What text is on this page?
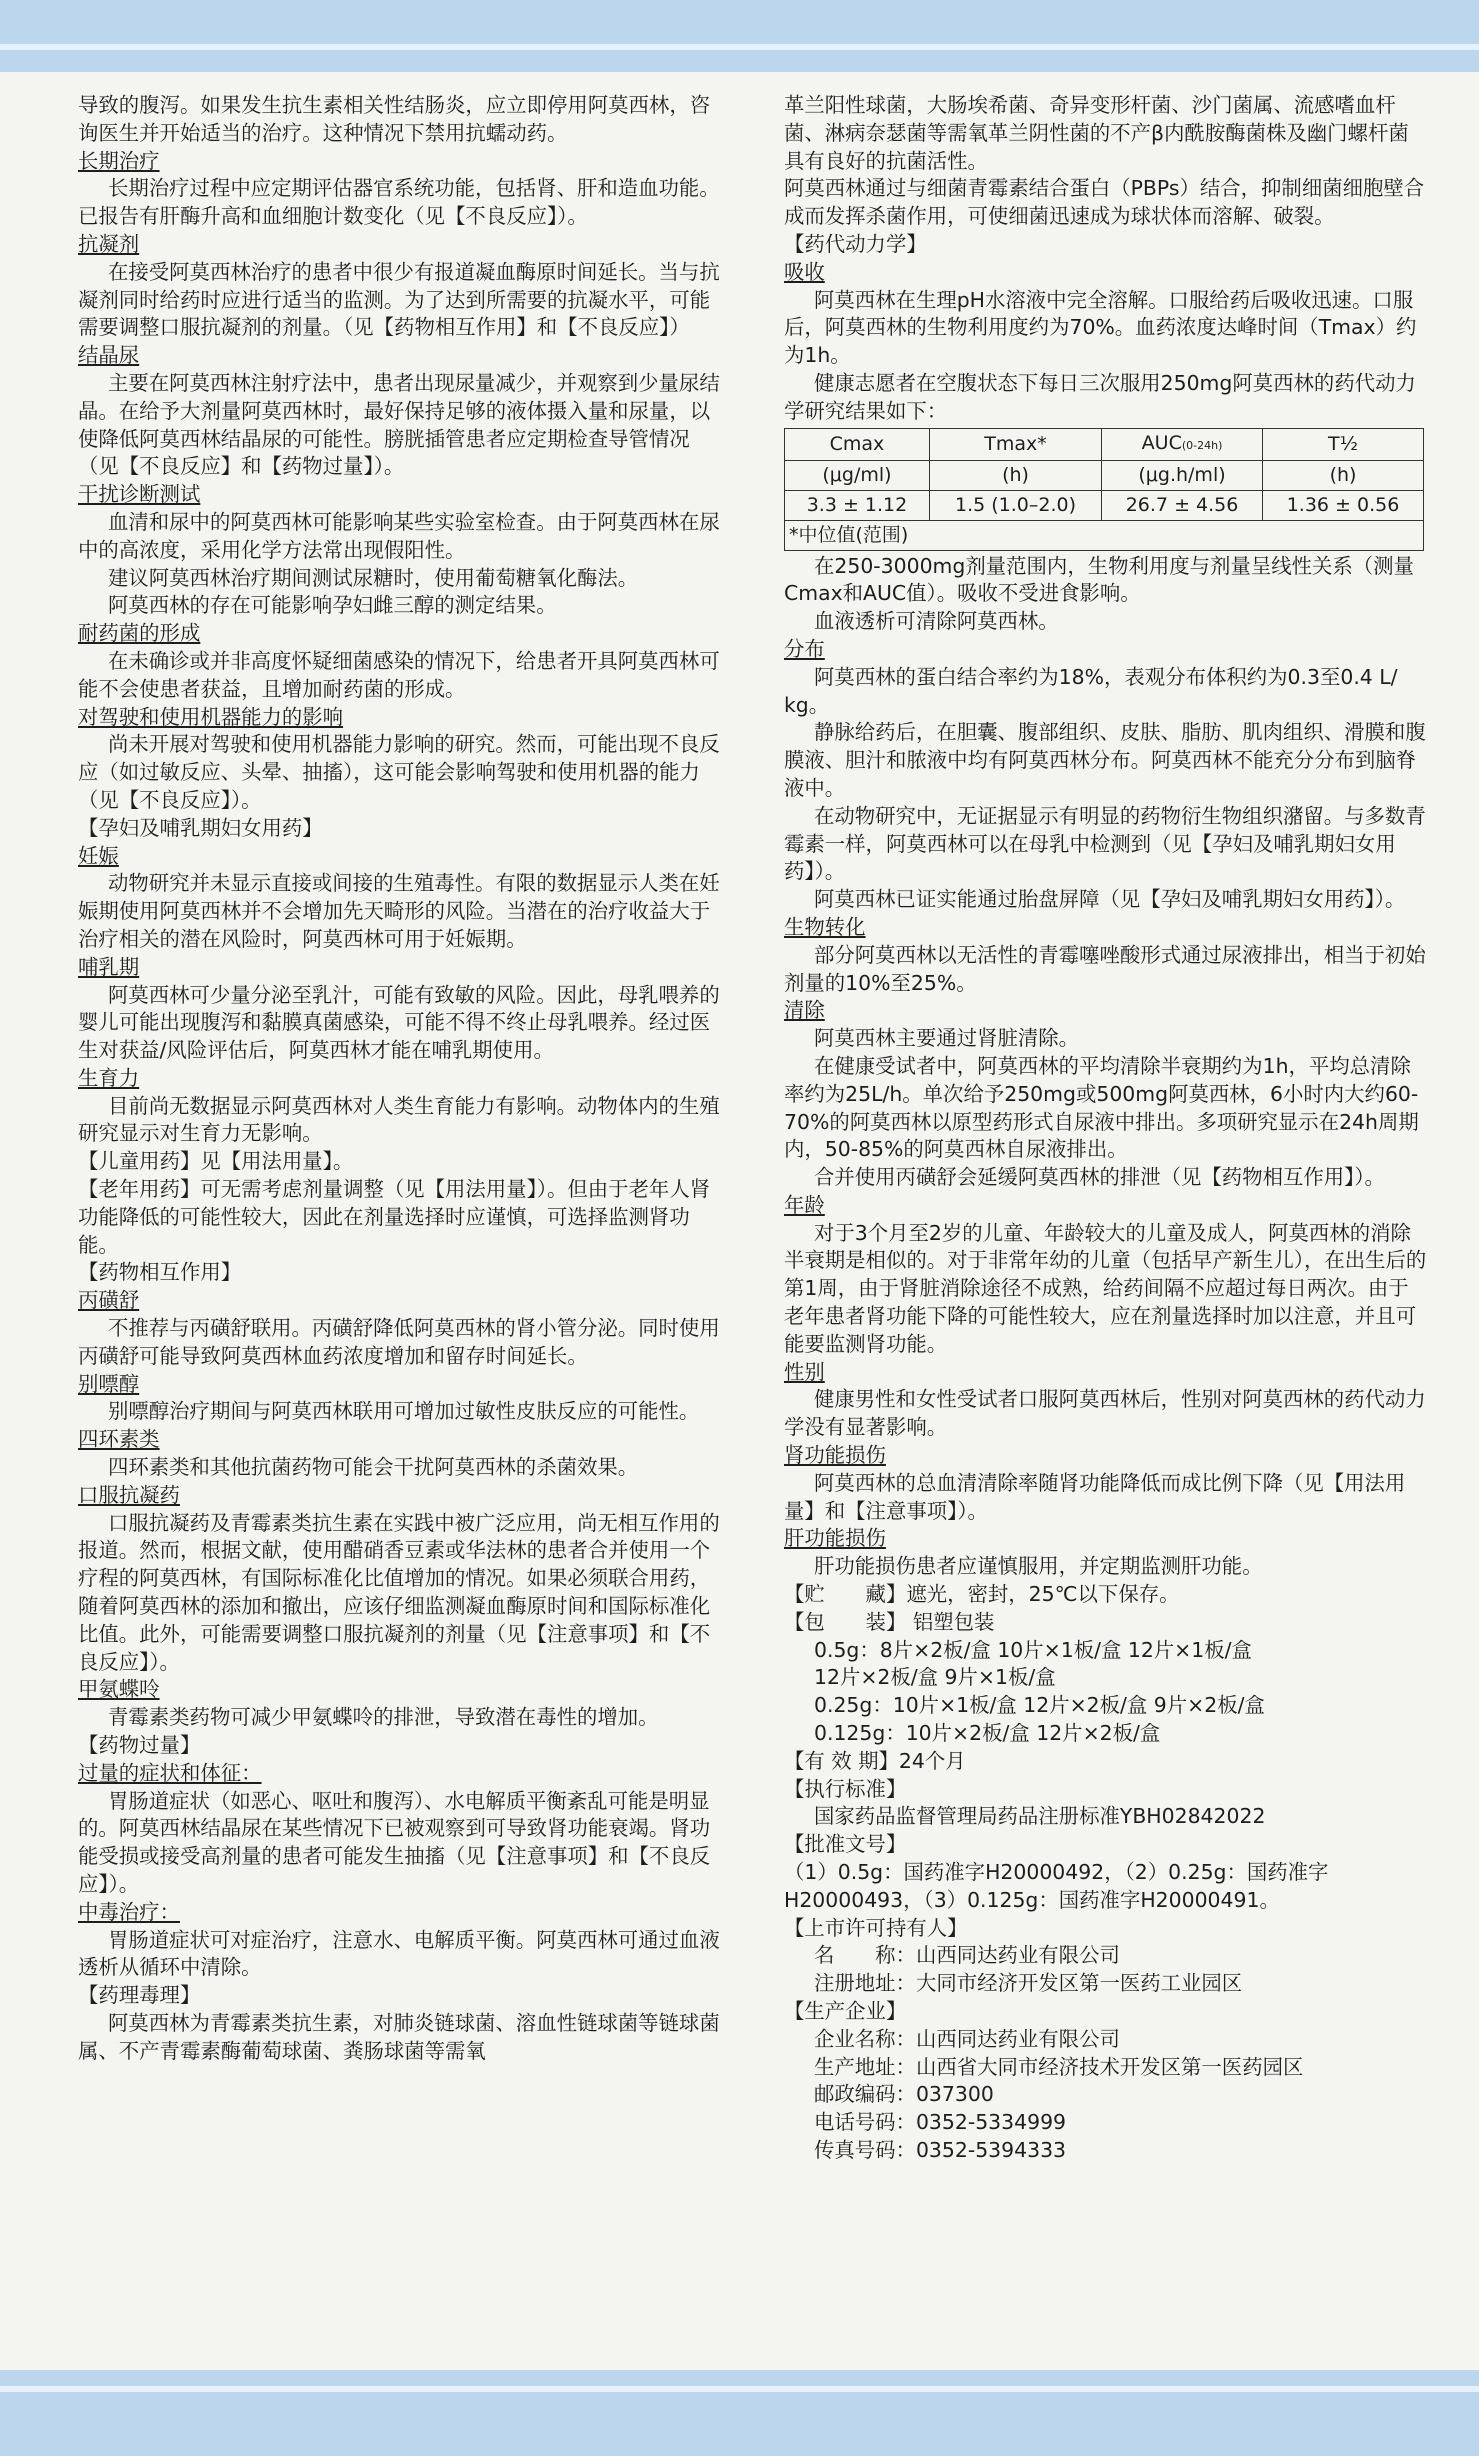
导致的腹泻。如果发生抗生素相关性结肠炎，应立即停用阿莫西林，咨询医生并开始适当的治疗。这种情况下禁用抗蠕动药。

长期治疗

长期治疗过程中应定期评估器官系统功能，包括肾、肝和造血功能。已报告有肝酶升高和血细胞计数变化（见【不良反应】）。

抗凝剂

在接受阿莫西林治疗的患者中很少有报道凝血酶原时间延长。当与抗凝剂同时给药时应进行适当的监测。为了达到所需要的抗凝水平，可能需要调整口服抗凝剂的剂量。（见【药物相互作用】和【不良反应】）

结晶尿

主要在阿莫西林注射疗法中，患者出现尿量减少，并观察到少量尿结晶。在给予大剂量阿莫西林时，最好保持足够的液体摄入量和尿量，以使降低阿莫西林结晶尿的可能性。膀胱插管患者应定期检查导管情况（见【不良反应】和【药物过量】）。

干扰诊断测试

血清和尿中的阿莫西林可能影响某些实验室检查。由于阿莫西林在尿中的高浓度，采用化学方法常出现假阳性。

建议阿莫西林治疗期间测试尿糖时，使用葡萄糖氧化酶法。

阿莫西林的存在可能影响孕妇雌三醇的测定结果。

耐药菌的形成

在未确诊或并非高度怀疑细菌感染的情况下，给患者开具阿莫西林可能不会使患者获益，且增加耐药菌的形成。

对驾驶和使用机器能力的影响

尚未开展对驾驶和使用机器能力影响的研究。然而，可能出现不良反应（如过敏反应、头晕、抽搐），这可能会影响驾驶和使用机器的能力（见【不良反应】）。

【孕妇及哺乳期妇女用药】

妊娠

动物研究并未显示直接或间接的生殖毒性。有限的数据显示人类在妊娠期使用阿莫西林并不会增加先天畸形的风险。当潜在的治疗收益大于治疗相关的潜在风险时，阿莫西林可用于妊娠期。

哺乳期

阿莫西林可少量分泌至乳汁，可能有致敏的风险。因此，母乳喂养的婴儿可能出现腹泻和黏膜真菌感染，可能不得不终止母乳喂养。经过医生对获益/风险评估后，阿莫西林才能在哺乳期使用。

生育力

目前尚无数据显示阿莫西林对人类生育能力有影响。动物体内的生殖研究显示对生育力无影响。

【儿童用药】见【用法用量】。

【老年用药】可无需考虑剂量调整（见【用法用量】）。但由于老年人肾功能降低的可能性较大，因此在剂量选择时应谨慎，可选择监测肾功能。

【药物相互作用】

丙磺舒

不推荐与丙磺舒联用。丙磺舒降低阿莫西林的肾小管分泌。同时使用丙磺舒可能导致阿莫西林血药浓度增加和留存时间延长。

别嘌醇

别嘌醇治疗期间与阿莫西林联用可增加过敏性皮肤反应的可能性。

四环素类

四环素类和其他抗菌药物可能会干扰阿莫西林的杀菌效果。

口服抗凝药

口服抗凝药及青霉素类抗生素在实践中被广泛应用，尚无相互作用的报道。然而，根据文献，使用醋硝香豆素或华法林的患者合并使用一个疗程的阿莫西林，有国际标准化比值增加的情况。如果必须联合用药，随着阿莫西林的添加和撤出，应该仔细监测凝血酶原时间和国际标准化比值。此外，可能需要调整口服抗凝剂的剂量（见【注意事项】和【不良反应】）。

甲氨蝶呤

青霉素类药物可减少甲氨蝶呤的排泄，导致潜在毒性的增加。

【药物过量】

过量的症状和体征：

胃肠道症状（如恶心、呕吐和腹泻）、水电解质平衡紊乱可能是明显的。阿莫西林结晶尿在某些情况下已被观察到可导致肾功能衰竭。肾功能受损或接受高剂量的患者可能发生抽搐（见【注意事项】和【不良反应】）。

中毒治疗：

胃肠道症状可对症治疗，注意水、电解质平衡。阿莫西林可通过血液透析从循环中清除。

【药理毒理】

阿莫西林为青霉素类抗生素，对肺炎链球菌、溶血性链球菌等链球菌属、不产青霉素酶葡萄球菌、粪肠球菌等需氧

革兰阳性球菌，大肠埃希菌、奇异变形杆菌、沙门菌属、流感嗜血杆菌、淋病奈瑟菌等需氧革兰阴性菌的不产β内酰胺酶菌株及幽门螺杆菌具有良好的抗菌活性。

阿莫西林通过与细菌青霉素结合蛋白（PBPs）结合，抑制细菌细胞壁合成而发挥杀菌作用，可使细菌迅速成为球状体而溶解、破裂。

【药代动力学】

吸收

阿莫西林在生理pH水溶液中完全溶解。口服给药后吸收迅速。口服后，阿莫西林的生物利用度约为70%。血药浓度达峰时间（Tmax）约为1h。

健康志愿者在空腹状态下每日三次服用250mg阿莫西林的药代动力学研究结果如下：

Cmax	Tmax*	AUC(0-24h)	T½
(μg/ml)	(h)	(μg.h/ml)	(h)
3.3 ± 1.12	1.5 (1.0–2.0)	26.7 ± 4.56	1.36 ± 0.56
*中位值(范围)			

在250-3000mg剂量范围内，生物利用度与剂量呈线性关系（测量Cmax和AUC值）。吸收不受进食影响。

血液透析可清除阿莫西林。

分布

阿莫西林的蛋白结合率约为18%，表观分布体积约为0.3至0.4 L/ kg。

静脉给药后，在胆囊、腹部组织、皮肤、脂肪、肌肉组织、滑膜和腹膜液、胆汁和脓液中均有阿莫西林分布。阿莫西林不能充分分布到脑脊液中。

在动物研究中，无证据显示有明显的药物衍生物组织潴留。与多数青霉素一样，阿莫西林可以在母乳中检测到（见【孕妇及哺乳期妇女用药】）。

阿莫西林已证实能通过胎盘屏障（见【孕妇及哺乳期妇女用药】）。

生物转化

部分阿莫西林以无活性的青霉噻唑酸形式通过尿液排出，相当于初始剂量的10%至25%。

清除

阿莫西林主要通过肾脏清除。

在健康受试者中，阿莫西林的平均清除半衰期约为1h，平均总清除率约为25L/h。单次给予250mg或500mg阿莫西林，6小时内大约60-70%的阿莫西林以原型药形式自尿液中排出。多项研究显示在24h周期内，50-85%的阿莫西林自尿液排出。

合并使用丙磺舒会延缓阿莫西林的排泄（见【药物相互作用】）。

年龄

对于3个月至2岁的儿童、年龄较大的儿童及成人，阿莫西林的消除半衰期是相似的。对于非常年幼的儿童（包括早产新生儿），在出生后的第1周，由于肾脏消除途径不成熟，给药间隔不应超过每日两次。由于老年患者肾功能下降的可能性较大，应在剂量选择时加以注意，并且可能要监测肾功能。

性别

健康男性和女性受试者口服阿莫西林后，性别对阿莫西林的药代动力学没有显著影响。

肾功能损伤

阿莫西林的总血清清除率随肾功能降低而成比例下降（见【用法用量】和【注意事项】）。

肝功能损伤

肝功能损伤患者应谨慎服用，并定期监测肝功能。

【贮　　藏】遮光，密封，25℃以下保存。

【包　　装】 铝塑包装

0.5g：8片×2板/盒 10片×1板/盒 12片×1板/盒

12片×2板/盒 9片×1板/盒

0.25g：10片×1板/盒 12片×2板/盒 9片×2板/盒

0.125g：10片×2板/盒 12片×2板/盒

【有 效 期】24个月

【执行标准】

国家药品监督管理局药品注册标准YBH02842022

【批准文号】

（1）0.5g：国药准字H20000492，（2）0.25g：国药准字H20000493，（3）0.125g：国药准字H20000491。

【上市许可持有人】

名　　称：山西同达药业有限公司

注册地址：大同市经济开发区第一医药工业园区

【生产企业】

企业名称：山西同达药业有限公司

生产地址：山西省大同市经济技术开发区第一医药园区

邮政编码：037300

电话号码：0352-5334999

传真号码：0352-5394333
